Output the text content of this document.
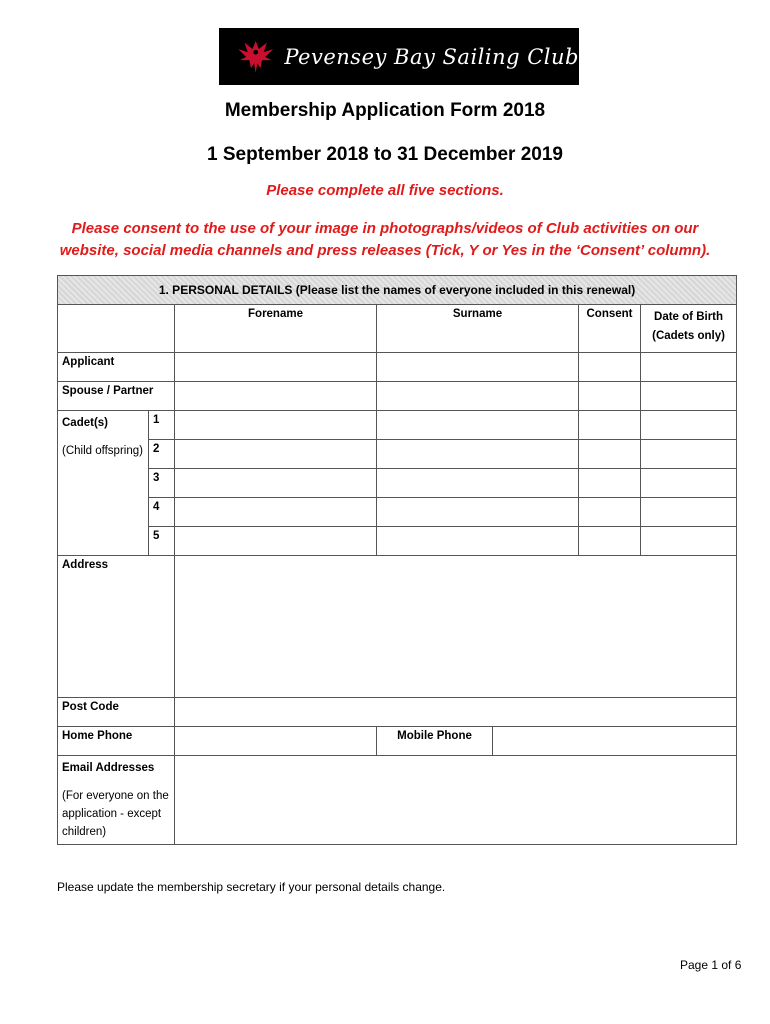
Pevensey Bay Sailing Club
Membership Application Form 2018
1 September 2018 to 31 December 2019

Please complete all five sections.

Please consent to the use of your image in photographs/videos of Club activities on our
website, social media channels and press releases (Tick, Y or Yes in the ‘Consent’ column).
1. PERSONAL DETAILS (Please list the names of everyone included in this renewal)						
		Forename	Surname		Consent	Date of Birth
(Cadets only)

Applicant						
Spouse / Partner						

Cadet(s)
(Child offspring)	1					
	2					
	3					
	4					
	5					
Address						
Post Code						
Home Phone			Mobile Phone			

Email Addresses
(For everyone on the application - except children)						

Please update the membership secretary if your personal details change.

Page 1 of 6
